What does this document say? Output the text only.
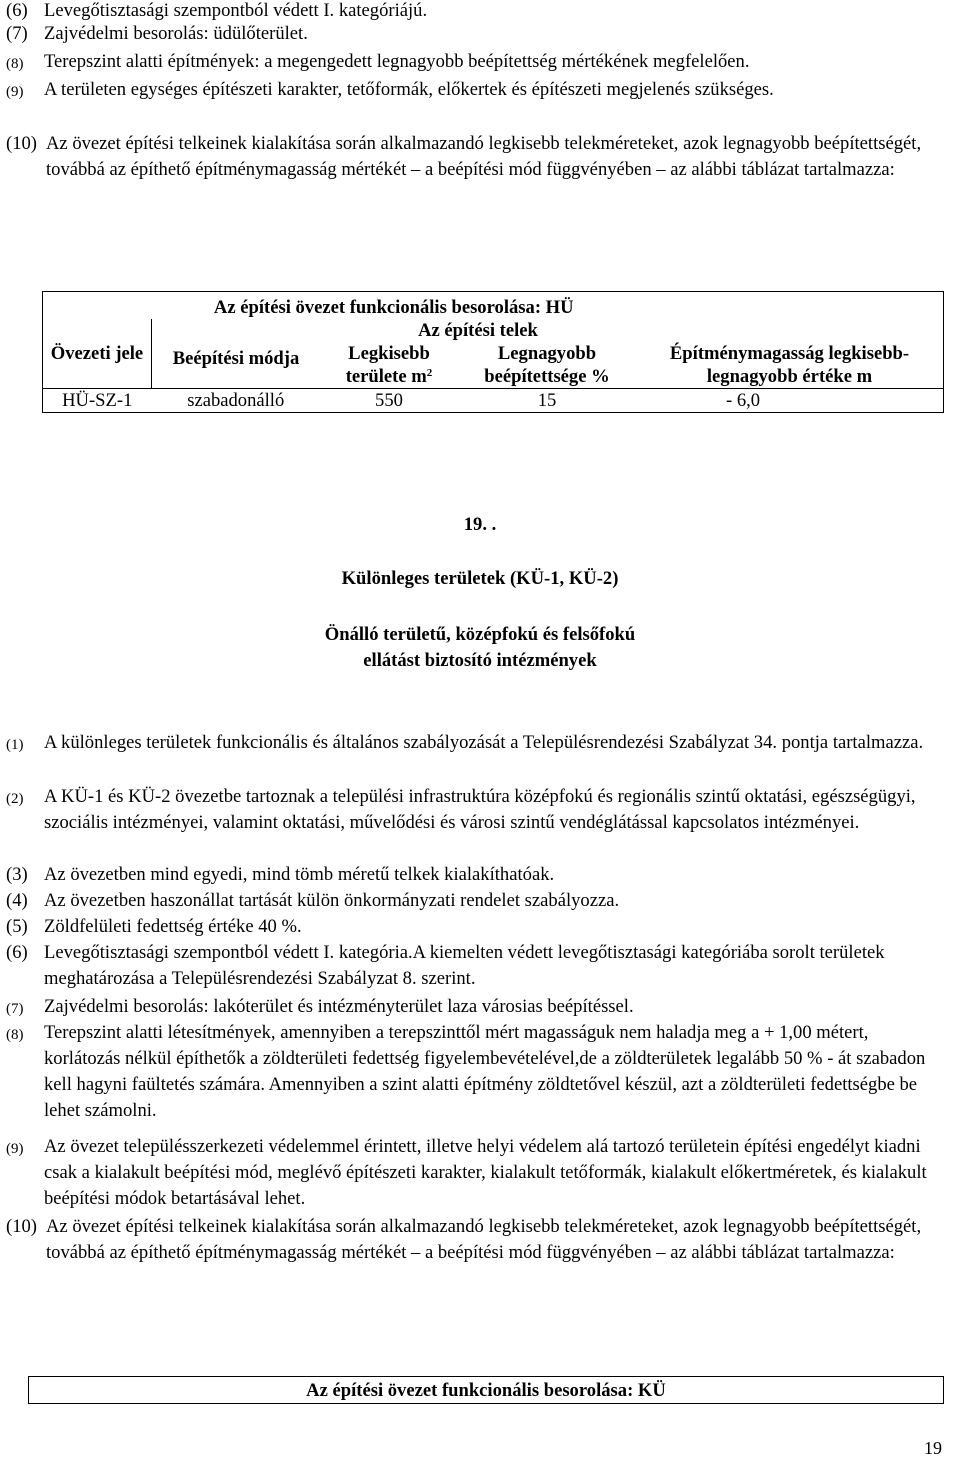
(6) Levegőtisztasági szempontból védett I. kategóriájú.
(7) Zajvédelmi besorolás: üdülőterület.
(8) Terepszint alatti építmények: a megengedett legnagyobb beépítettség mértékének megfelelően.
(9) A területen egységes építészeti karakter, tetőformák, előkertek és építészeti megjelenés szükséges.
(10) Az övezet építési telkeinek kialakítása során alkalmazandó legkisebb telekméreteket, azok legnagyobb beépítettségét, továbbá az építhető építménymagasság mértékét – a beépítési mód függvényében – az alábbi táblázat tartalmazza:
	Az építési övezet funkcionális besorolása: HÜ			
Övezeti jele	Beépítési módja	Az építési telek		
		Legkisebb területe $m^2$	Legnagyobb beépítettsége %	Építménymagasság legkisebb-legnagyobb értéke m
HÜ-SZ-1	szabadonálló	550	15	- 6,0
19. .
Különleges területek (KÜ-1, KÜ-2)
Önálló területű, középfokú és felsőfokú
ellátást biztosító intézmények
(1) A különleges területek funkcionális és általános szabályozását a Településrendezési Szabályzat 34. pontja tartalmazza.
(2) A KÜ-1 és KÜ-2 övezetbe tartoznak a települési infrastruktúra középfokú és regionális szintű oktatási, egészségügyi, szociális intézményei, valamint oktatási, művelődési és városi szintű vendéglátással kapcsolatos intézményei.
(3) Az övezetben mind egyedi, mind tömb méretű telkek kialakíthatóak.
(4) Az övezetben haszonállat tartását külön önkormányzati rendelet szabályozza.
(5) Zöldfelületi fedettség értéke 40 %.
(6) Levegőtisztasági szempontból védett I. kategória.A kiemelten védett levegőtisztasági kategóriába sorolt területek meghatározása a Településrendezési Szabályzat 8. szerint.
(7) Zajvédelmi besorolás: lakóterület és intézményterület laza városias beépítéssel.
(8) Terepszint alatti létesítmények, amennyiben a terepszinttől mért magasságuk nem haladja meg a + 1,00 métert, korlátozás nélkül építhetők a zöldterületi fedettség figyelembevételével,de a zöldterületek legalább 50 % - át szabadon kell hagyni faültetés számára. Amennyiben a szint alatti építmény zöldtetővel készül, azt a zöldterületi fedettségbe be lehet számolni.
(9) Az övezet településszerkezeti védelemmel érintett, illetve helyi védelem alá tartozó területein építési engedélyt kiadni csak a kialakult beépítési mód, meglévő építészeti karakter, kialakult tetőformák, kialakult előkertméretek, és kialakult beépítési módok betartásával lehet.
(10) Az övezet építési telkeinek kialakítása során alkalmazandó legkisebb telekméreteket, azok legnagyobb beépítettségét, továbbá az építhető építménymagasság mértékét – a beépítési mód függvényében – az alábbi táblázat tartalmazza:
Az építési övezet funkcionális besorolása: KÜ
19
